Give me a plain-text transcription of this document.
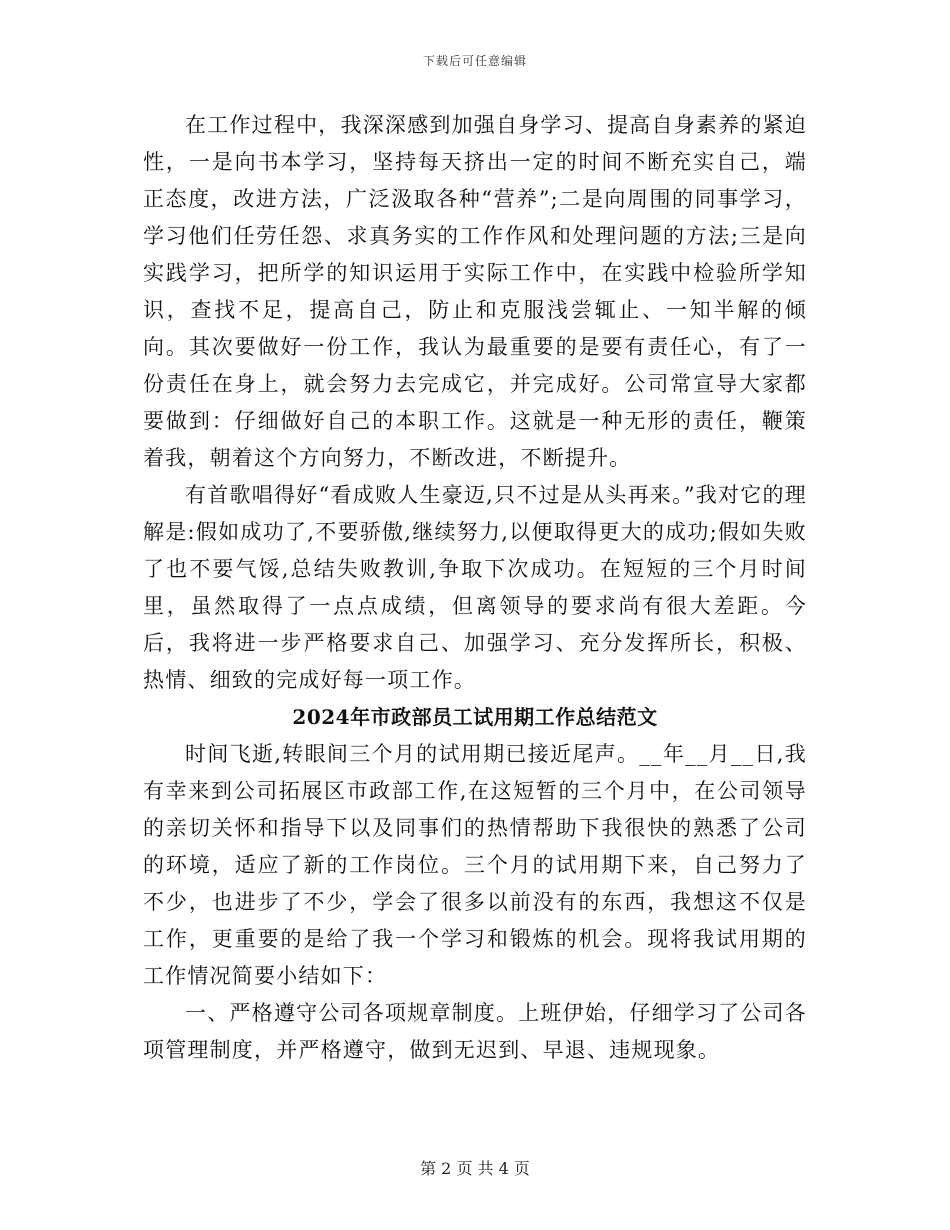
下载后可任意编辑

在工作过程中，我深深感到加强自身学习、提高自身素养的紧迫性，一是向书本学习，坚持每天挤出一定的时间不断充实自己，端正态度，改进方法，广泛汲取各种“营养”;二是向周围的同事学习，学习他们任劳任怨、求真务实的工作作风和处理问题的方法;三是向实践学习，把所学的知识运用于实际工作中，在实践中检验所学知识，查找不足，提高自己，防止和克服浅尝辄止、一知半解的倾向。其次要做好一份工作，我认为最重要的是要有责任心，有了一份责任在身上，就会努力去完成它，并完成好。公司常宣导大家都要做到：仔细做好自己的本职工作。这就是一种无形的责任，鞭策着我，朝着这个方向努力，不断改进，不断提升。

有首歌唱得好“看成败人生豪迈,只不过是从头再来。”我对它的理解是:假如成功了,不要骄傲,继续努力,以便取得更大的成功;假如失败了也不要气馁,总结失败教训,争取下次成功。在短短的三个月时间里，虽然取得了一点点成绩，但离领导的要求尚有很大差距。今后，我将进一步严格要求自己、加强学习、充分发挥所长，积极、热情、细致的完成好每一项工作。

2024年市政部员工试用期工作总结范文

时间飞逝,转眼间三个月的试用期已接近尾声。__年__月__日,我有幸来到公司拓展区市政部工作,在这短暂的三个月中，在公司领导的亲切关怀和指导下以及同事们的热情帮助下我很快的熟悉了公司的环境，适应了新的工作岗位。三个月的试用期下来，自己努力了不少，也进步了不少，学会了很多以前没有的东西，我想这不仅是工作，更重要的是给了我一个学习和锻炼的机会。现将我试用期的工作情况简要小结如下：

一、严格遵守公司各项规章制度。上班伊始，仔细学习了公司各项管理制度，并严格遵守，做到无迟到、早退、违规现象。

第 2 页 共 4 页
